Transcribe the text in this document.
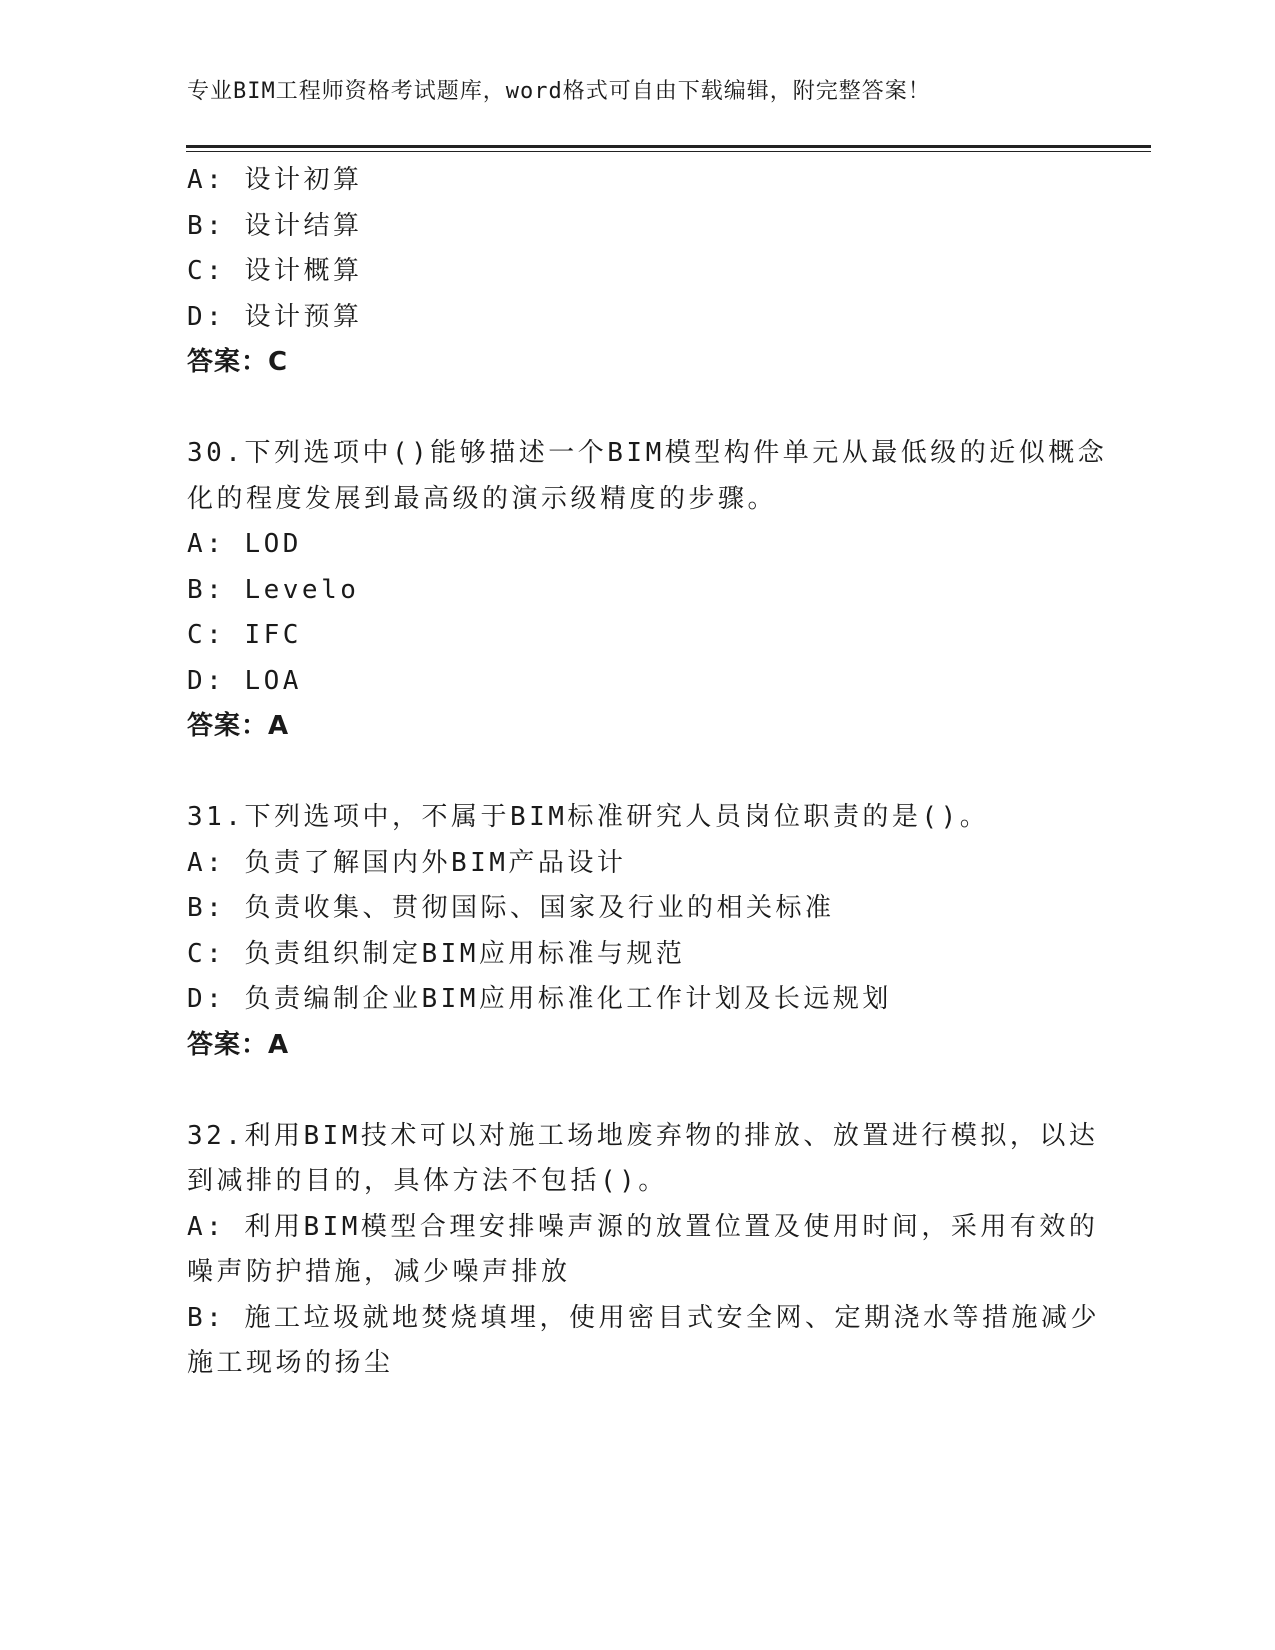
专业BIM工程师资格考试题库，word格式可自由下载编辑，附完整答案！
A: 设计初算
B: 设计结算
C: 设计概算
D: 设计预算
答案：C
30.下列选项中()能够描述一个BIM模型构件单元从最低级的近似概念
化的程度发展到最高级的演示级精度的步骤。
A: LOD
B: Levelo
C: IFC
D: LOA
答案：A
31.下列选项中，不属于BIM标准研究人员岗位职责的是()。
A: 负责了解国内外BIM产品设计
B: 负责收集、贯彻国际、国家及行业的相关标准
C: 负责组织制定BIM应用标准与规范
D: 负责编制企业BIM应用标准化工作计划及长远规划
答案：A
32.利用BIM技术可以对施工场地废弃物的排放、放置进行模拟，以达
到减排的目的，具体方法不包括()。
A: 利用BIM模型合理安排噪声源的放置位置及使用时间，采用有效的
噪声防护措施，减少噪声排放
B: 施工垃圾就地焚烧填埋，使用密目式安全网、定期浇水等措施减少
施工现场的扬尘
